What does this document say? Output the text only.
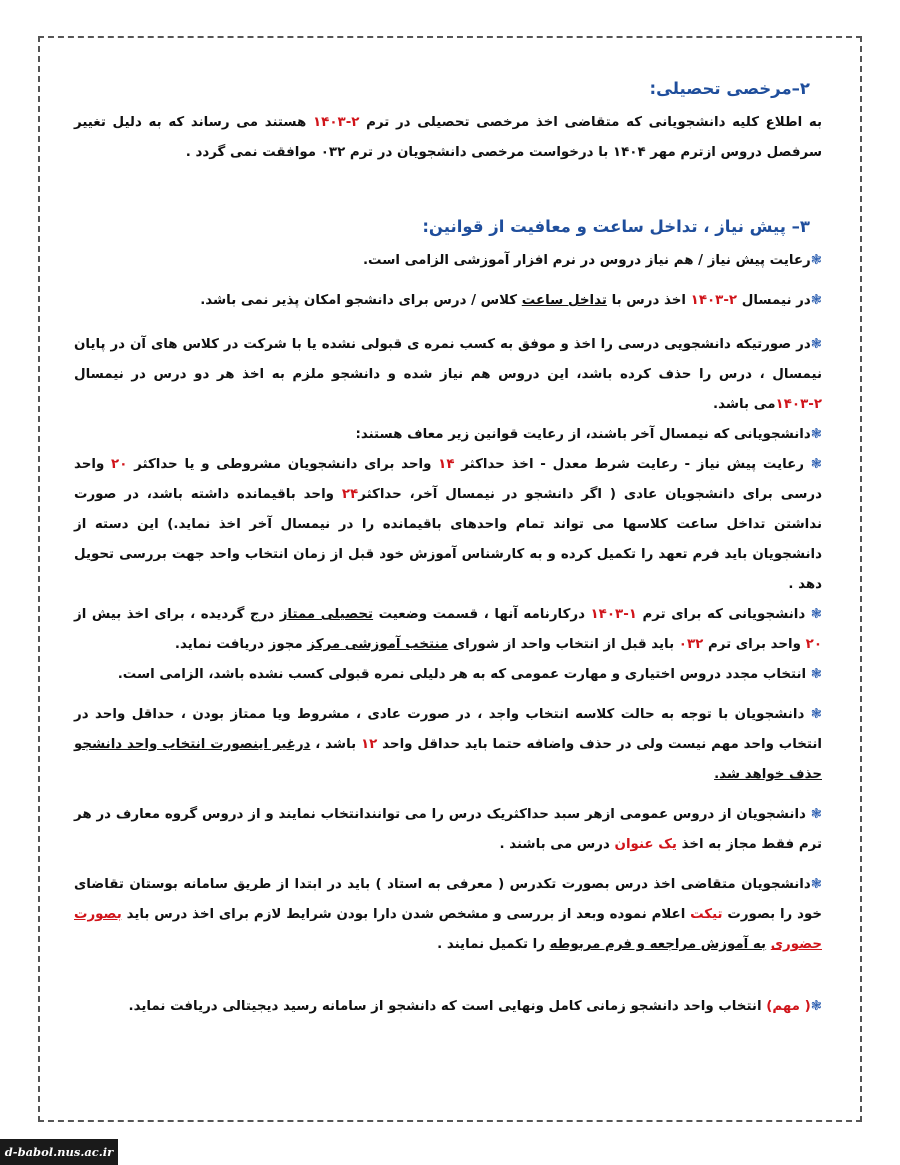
۲–مرخصی تحصیلی:

به اطلاع کلیه دانشجویانی که متقاضی اخذ مرخصی تحصیلی در ترم ۲-۱۴۰۳ هستند می رساند که به دلیل تغییر سرفصل دروس ازترم مهر ۱۴۰۴ با درخواست مرخصی دانشجویان در ترم ۰۳۲ موافقت نمی گردد .

۳– پیش نیاز ، تداخل ساعت و معافیت از قوانین:

❃رعایت پیش نیاز / هم نیاز دروس در نرم افزار آموزشی الزامی است.

❃در نیمسال ۲-۱۴۰۳ اخذ درس با تداخل ساعت کلاس / درس برای دانشجو امکان پذیر نمی باشد.

❃در صورتیکه دانشجویی درسی را اخذ و موفق به کسب نمره ی قبولی نشده یا با شرکت در کلاس های آن در پایان نیمسال ، درس را حذف کرده باشد، این دروس هم نیاز شده و دانشجو ملزم به اخذ هر دو درس در نیمسال ۲-۱۴۰۳می باشد.

❃دانشجویانی که نیمسال آخر باشند، از رعایت قوانین زیر معاف هستند:

❃ رعایت پیش نیاز - رعایت شرط معدل - اخذ حداکثر ۱۴ واحد برای دانشجویان مشروطی و یا حداکثر ۲۰ واحد درسی برای دانشجویان عادی ( اگر دانشجو در نیمسال آخر، حداکثر۲۴ واحد باقیمانده داشته باشد، در صورت نداشتن تداخل ساعت کلاسها می تواند تمام واحدهای باقیمانده را در نیمسال آخر اخذ نماید.) این دسته از دانشجویان باید فرم تعهد را تکمیل کرده و به کارشناس آموزش خود قبل از زمان انتخاب واحد جهت بررسی تحویل دهد .

❃ دانشجویانی که برای ترم ۱-۱۴۰۳ درکارنامه آنها ، قسمت وضعیت تحصیلی ممتاز درج گردیده ، برای اخذ بیش از ۲۰ واحد برای ترم ۰۳۲ باید قبل از انتخاب واحد از شورای منتخب آموزشی مرکز مجوز دریافت نماید.

❃ انتخاب مجدد دروس اختیاری و مهارت عمومی که به هر دلیلی نمره قبولی کسب نشده باشد، الزامی است.

❃ دانشجویان با توجه به حالت کلاسه انتخاب واجد ، در صورت عادی ، مشروط ویا ممتاز بودن ، حداقل واحد در انتخاب واحد مهم نیست ولی در حذف واضافه حتما باید حداقل واحد ۱۲ باشد ، درغیر اینصورت انتخاب واحد دانشجو حذف خواهد شد.

❃ دانشجویان از دروس عمومی ازهر سبد حداکثریک درس را می توانندانتخاب نمایند و از دروس گروه معارف در هر ترم فقط مجاز به اخذ یک عنوان درس می باشند .

❃دانشجویان متقاضی اخذ درس بصورت تکدرس ( معرفی به استاد ) باید در ابتدا از طریق سامانه بوستان تقاضای خود را بصورت تیکت اعلام نموده وبعد از بررسی و مشخص شدن دارا بودن شرایط لازم برای اخذ درس باید بصورت حضوری به آموزش مراجعه و فرم مربوطه را تکمیل نمایند .

❃( مهم) انتخاب واحد دانشجو زمانی کامل ونهایی است که دانشجو از سامانه رسید دیجیتالی دریافت نماید.

d-babol.nus.ac.ir
